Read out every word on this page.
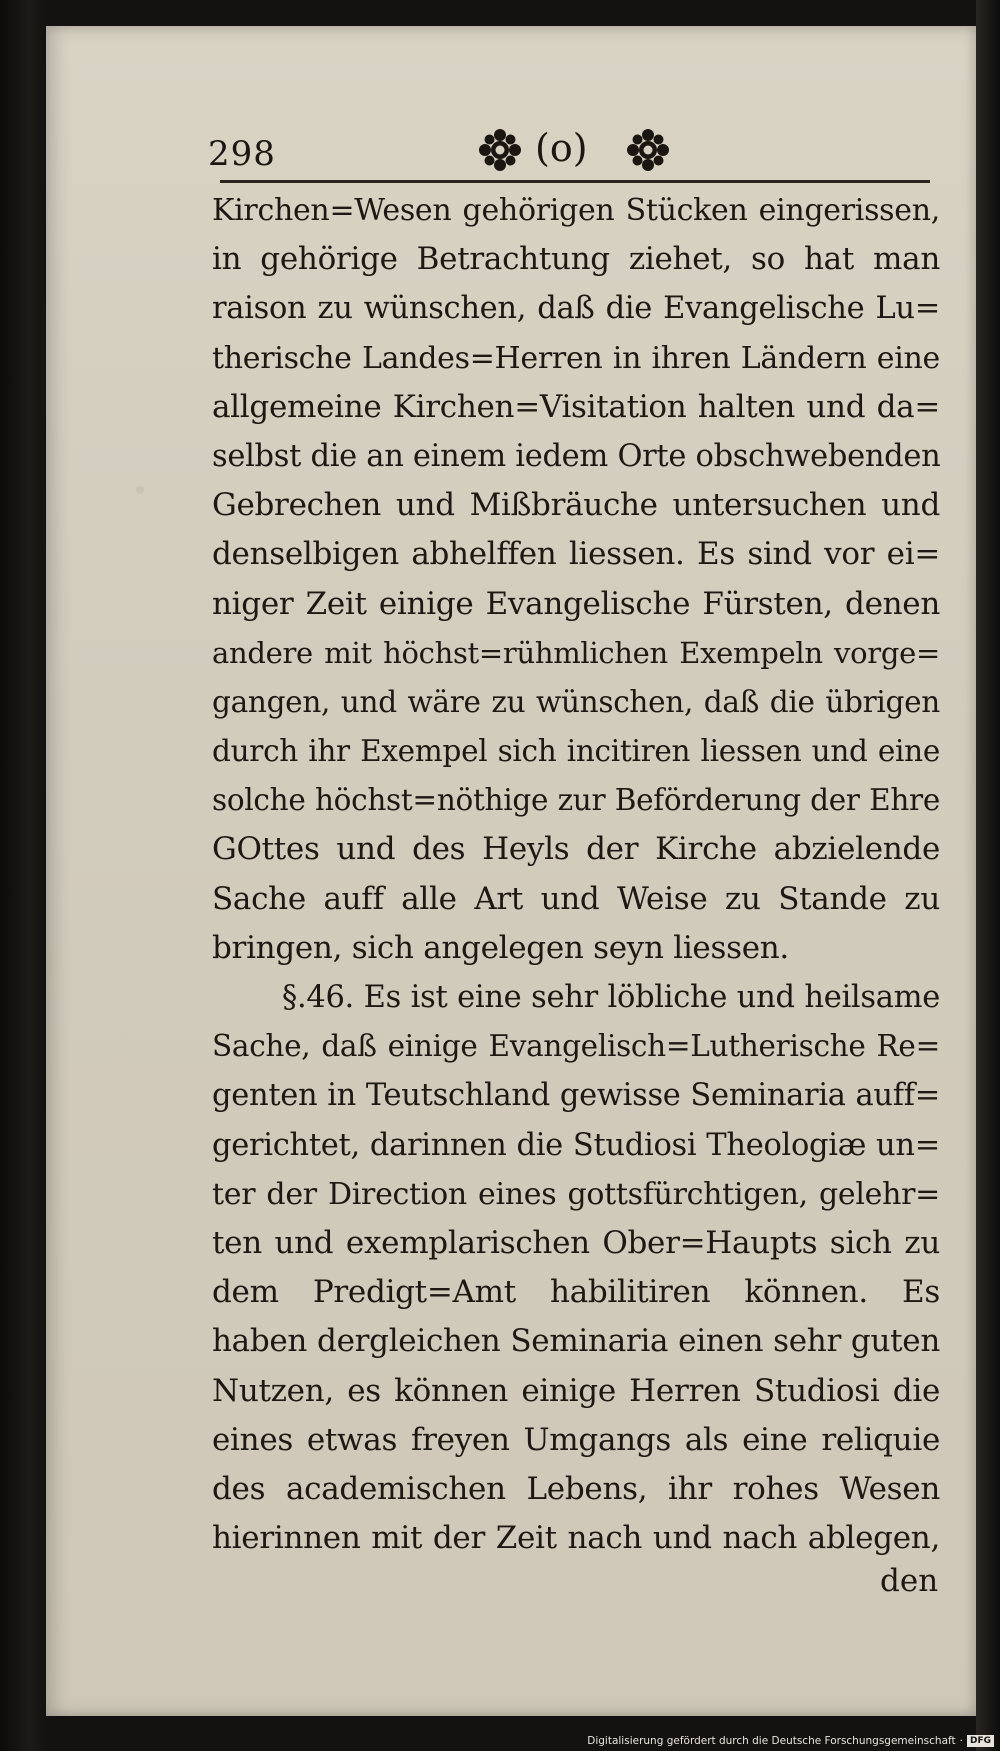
298	(o)
Kirchen=Wesen gehörigen Stücken eingerissen,
in gehörige Betrachtung ziehet, so hat man
raison zu wünschen, daß die Evangelische Lu=
therische Landes=Herren in ihren Ländern eine
allgemeine Kirchen=Visitation halten und da=
selbst die an einem iedem Orte obschwebenden
Gebrechen und Mißbräuche untersuchen und
denselbigen abhelffen liessen. Es sind vor ei=
niger Zeit einige Evangelische Fürsten, denen
andere mit höchst=rühmlichen Exempeln vorge=
gangen, und wäre zu wünschen, daß die übrigen
durch ihr Exempel sich incitiren liessen und eine
solche höchst=nöthige zur Beförderung der Ehre
GOttes und des Heyls der Kirche abzielende
Sache auff alle Art und Weise zu Stande zu
bringen, sich angelegen seyn liessen.
§.46. Es ist eine sehr löbliche und heilsame
Sache, daß einige Evangelisch=Lutherische Re=
genten in Teutschland gewisse Seminaria auff=
gerichtet, darinnen die Studiosi Theologiæ un=
ter der Direction eines gottsfürchtigen, gelehr=
ten und exemplarischen Ober=Haupts sich zu
dem Predigt=Amt habilitiren können. Es
haben dergleichen Seminaria einen sehr guten
Nutzen, es können einige Herren Studiosi die
eines etwas freyen Umgangs als eine reliquie
des academischen Lebens, ihr rohes Wesen
hierinnen mit der Zeit nach und nach ablegen,
den
Digitalisierung gefördert durch die Deutsche Forschungsgemeinschaft · DFG
